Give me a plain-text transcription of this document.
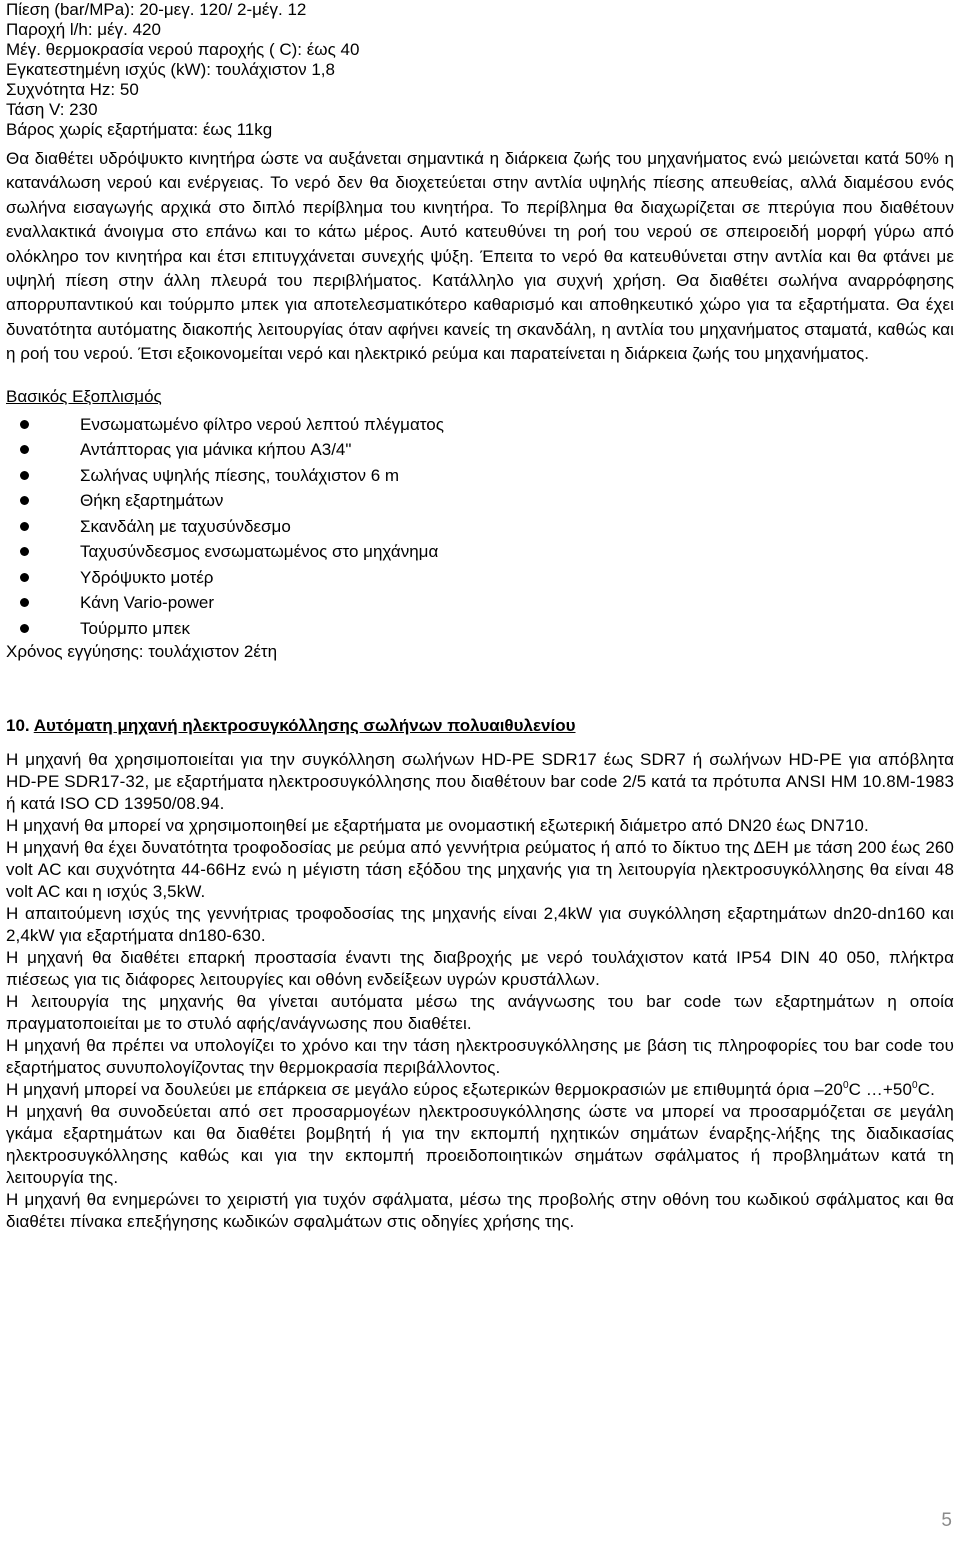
Πίεση (bar/MPa): 20-μεγ. 120/ 2-μέγ. 12
Παροχή l/h: μέγ. 420
Μέγ. θερμοκρασία νερού παροχής ( C): έως 40
Εγκατεστημένη ισχύς (kW): τουλάχιστον 1,8
Συχνότητα Hz: 50
Τάση V: 230
Βάρος χωρίς εξαρτήματα: έως 11kg

Θα διαθέτει υδρόψυκτο κινητήρα ώστε να αυξάνεται σημαντικά η διάρκεια ζωής του μηχανήματος ενώ μειώνεται κατά 50% η κατανάλωση νερού και ενέργειας. Το νερό δεν θα διοχετεύεται στην αντλία υψηλής πίεσης απευθείας, αλλά διαμέσου ενός σωλήνα εισαγωγής αρχικά στο διπλό περίβλημα του κινητήρα. Το περίβλημα θα διαχωρίζεται σε πτερύγια που διαθέτουν εναλλακτικά άνοιγμα στο επάνω και το κάτω μέρος. Αυτό κατευθύνει τη ροή του νερού σε σπειροειδή μορφή γύρω από ολόκληρο τον κινητήρα και έτσι επιτυγχάνεται συνεχής ψύξη. Έπειτα το νερό θα κατευθύνεται στην αντλία και θα φτάνει με υψηλή πίεση στην άλλη πλευρά του περιβλήματος. Κατάλληλο για συχνή χρήση. Θα διαθέτει σωλήνα αναρρόφησης απορρυπαντικού και τούρμπο μπεκ για αποτελεσματικότερο καθαρισμό και αποθηκευτικό χώρο για τα εξαρτήματα. Θα έχει δυνατότητα αυτόματης διακοπής λειτουργίας όταν αφήνει κανείς τη σκανδάλη, η αντλία του μηχανήματος σταματά, καθώς και η ροή του νερού. Έτσι εξοικονομείται νερό και ηλεκτρικό ρεύμα και παρατείνεται η διάρκεια ζωής του μηχανήματος.

Βασικός Εξοπλισμός
Ενσωματωμένο φίλτρο νερού λεπτού πλέγματος
Αντάπτορας για μάνικα κήπου A3/4"
Σωλήνας υψηλής πίεσης, τουλάχιστον 6 m
Θήκη εξαρτημάτων
Σκανδάλη με ταχυσύνδεσμο
Ταχυσύνδεσμος ενσωματωμένος στο μηχάνημα
Υδρόψυκτο μοτέρ
Κάνη Vario-power
Τούρμπο μπεκ
Χρόνος εγγύησης: τουλάχιστον 2έτη
10. Αυτόματη μηχανή ηλεκτροσυγκόλλησης σωλήνων πολυαιθυλενίου

Η μηχανή θα χρησιμοποιείται για την συγκόλληση σωλήνων HD-PE SDR17 έως SDR7 ή σωλήνων HD-PE για απόβλητα HD-PE SDR17-32, με εξαρτήματα ηλεκτροσυγκόλλησης που διαθέτουν bar code 2/5 κατά τα πρότυπα ANSI HM 10.8M-1983 ή κατά ISO CD 13950/08.94.

Η μηχανή θα μπορεί να χρησιμοποιηθεί με εξαρτήματα με ονομαστική εξωτερική διάμετρο από DN20 έως DN710.

Η μηχανή θα έχει δυνατότητα τροφοδοσίας με ρεύμα από γεννήτρια ρεύματος ή από το δίκτυο της ΔΕΗ με τάση 200 έως 260 volt AC και συχνότητα 44-66Hz ενώ η μέγιστη τάση εξόδου της μηχανής για τη λειτουργία ηλεκτροσυγκόλλησης θα είναι 48 volt AC και η ισχύς 3,5kW.

Η απαιτούμενη ισχύς της γεννήτριας τροφοδοσίας της μηχανής είναι 2,4kW για συγκόλληση εξαρτημάτων dn20-dn160 και 2,4kW για εξαρτήματα dn180-630.

Η μηχανή θα διαθέτει επαρκή προστασία έναντι της διαβροχής με νερό τουλάχιστον κατά IP54 DIN 40 050, πλήκτρα πιέσεως για τις διάφορες λειτουργίες και οθόνη ενδείξεων υγρών κρυστάλλων.

Η λειτουργία της μηχανής θα γίνεται αυτόματα μέσω της ανάγνωσης του bar code των εξαρτημάτων η οποία πραγματοποιείται με το στυλό αφής/ανάγνωσης που διαθέτει.

Η μηχανή θα πρέπει να υπολογίζει το χρόνο και την τάση ηλεκτροσυγκόλλησης με βάση τις πληροφορίες του bar code του εξαρτήματος συνυπολογίζοντας την θερμοκρασία περιβάλλοντος.

Η μηχανή μπορεί να δουλεύει με επάρκεια σε μεγάλο εύρος εξωτερικών θερμοκρασιών με επιθυμητά όρια $-20^0C$ $\dots+50^0C$.

Η μηχανή θα συνοδεύεται από σετ προσαρμογέων ηλεκτροσυγκόλλησης ώστε να μπορεί να προσαρμόζεται σε μεγάλη γκάμα εξαρτημάτων και θα διαθέτει βομβητή ή για την εκπομπή ηχητικών σημάτων έναρξης-λήξης της διαδικασίας ηλεκτροσυγκόλλησης καθώς και για την εκπομπή προειδοποιητικών σημάτων σφάλματος ή προβλημάτων κατά τη λειτουργία της.

Η μηχανή θα ενημερώνει το χειριστή για τυχόν σφάλματα, μέσω της προβολής στην οθόνη του κωδικού σφάλματος και θα διαθέτει πίνακα επεξήγησης κωδικών σφαλμάτων στις οδηγίες χρήσης της.

5
